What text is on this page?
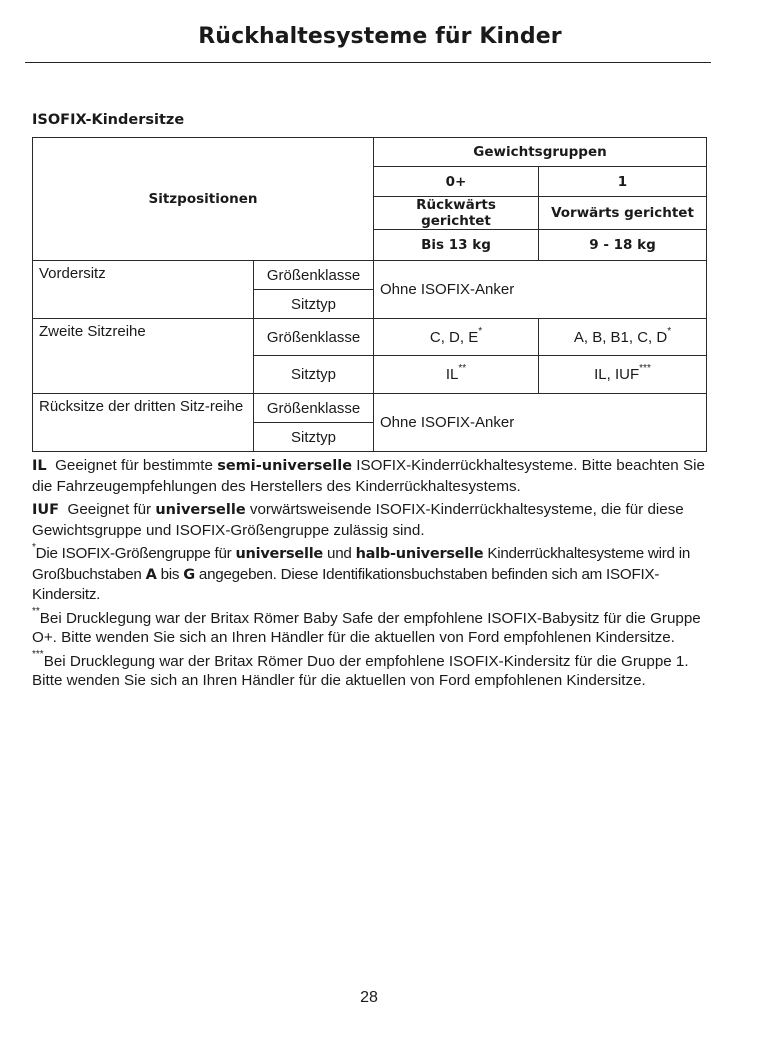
Rückhaltesysteme für Kinder
ISOFIX-Kindersitze
Sitzpositionen		Gewichtsgruppen	
		0+	1
		Rückwärts gerichtet	Vorwärts gerichtet
		Bis 13 kg	9 - 18 kg
Vordersitz	Größenklasse	Ohne ISOFIX-Anker	
	Sitztyp		
Zweite Sitzreihe	Größenklasse	C, D, E*	A, B, B1, C, D*
	Sitztyp	IL**	IL, IUF***
Rücksitze der dritten Sitz-reihe	Größenklasse	Ohne ISOFIX-Anker	
	Sitztyp		

IL Geeignet für bestimmte semi-universelle ISOFIX-Kinderrückhaltesysteme. Bitte beachten Sie die Fahrzeugempfehlungen des Herstellers des Kinderrückhaltesystems.

IUF Geeignet für universelle vorwärtsweisende ISOFIX-Kinderrückhaltesysteme, die für diese Gewichtsgruppe und ISOFIX-Größengruppe zulässig sind.

*Die ISOFIX-Größengruppe für universelle und halb-universelle Kinderrückhaltesysteme wird in Großbuchstaben A bis G angegeben. Diese Identifikationsbuchstaben befinden sich am ISOFIX-Kindersitz.

**Bei Drucklegung war der Britax Römer Baby Safe der empfohlene ISOFIX-Babysitz für die Gruppe O+. Bitte wenden Sie sich an Ihren Händler für die aktuellen von Ford empfohlenen Kindersitze.

***Bei Drucklegung war der Britax Römer Duo der empfohlene ISOFIX-Kindersitz für die Gruppe 1. Bitte wenden Sie sich an Ihren Händler für die aktuellen von Ford empfohlenen Kindersitze.

28
